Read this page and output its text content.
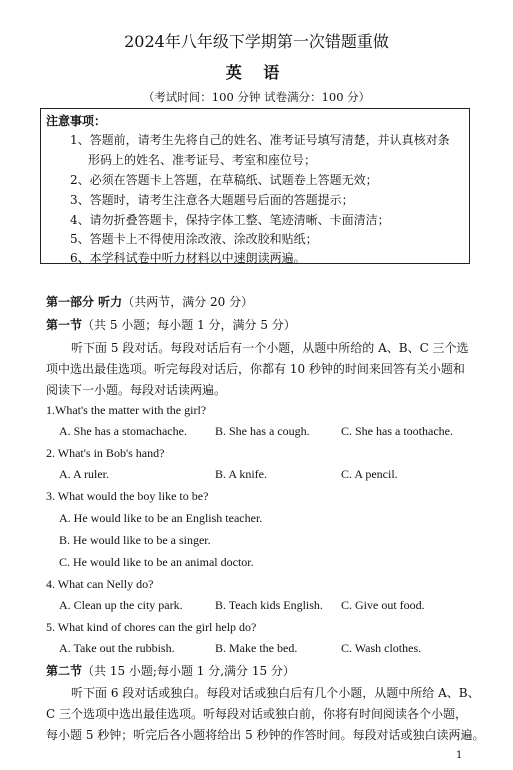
2024年八年级下学期第一次错题重做
英 语
（考试时间：100 分钟 试卷满分：100 分）
注意事项：
1、答题前，请考生先将自己的姓名、准考证号填写清楚，并认真核对条
形码上的姓名、准考证号、考室和座位号；
2、必须在答题卡上答题，在草稿纸、试题卷上答题无效；
3、答题时，请考生注意各大题题号后面的答题提示；
4、请勿折叠答题卡，保持字体工整、笔迹清晰、卡面清洁；
5、答题卡上不得使用涂改液、涂改胶和贴纸；
6、本学科试卷中听力材料以中速朗读两遍。
第一部分 听力（共两节，满分 20 分）
第一节（共 5 小题；每小题 1 分，满分 5 分）
听下面 5 段对话。每段对话后有一个小题，从题中所给的 A、B、C 三个选
项中选出最佳选项。听完每段对话后，你都有 10 秒钟的时间来回答有关小题和
阅读下一小题。每段对话读两遍。
1.What's the matter with the girl?
A. She has a stomachache. B. She has a cough.	C. She has a toothache.
2. What's in Bob's hand?
A. A ruler.	B. A knife.	C. A pencil.
3. What would the boy like to be?
A. He would like to be an English teacher.
B. He would like to be a singer.
C. He would like to be an animal doctor.
4. What can Nelly do?
A. Clean up the city park.	B. Teach kids English. C. Give out food.
5. What kind of chores can the girl help do?
A. Take out the rubbish.	B. Make the bed.	C. Wash clothes.
第二节（共 15 小题;每小题 1 分,满分 15 分）
听下面 6 段对话或独白。每段对话或独白后有几个小题，从题中所给 A、B、
C 三个选项中选出最佳选项。听每段对话或独白前，你将有时间阅读各个小题，
每小题 5 秒钟；听完后各小题将给出 5 秒钟的作答时间。每段对话或独白读两遍。
1
